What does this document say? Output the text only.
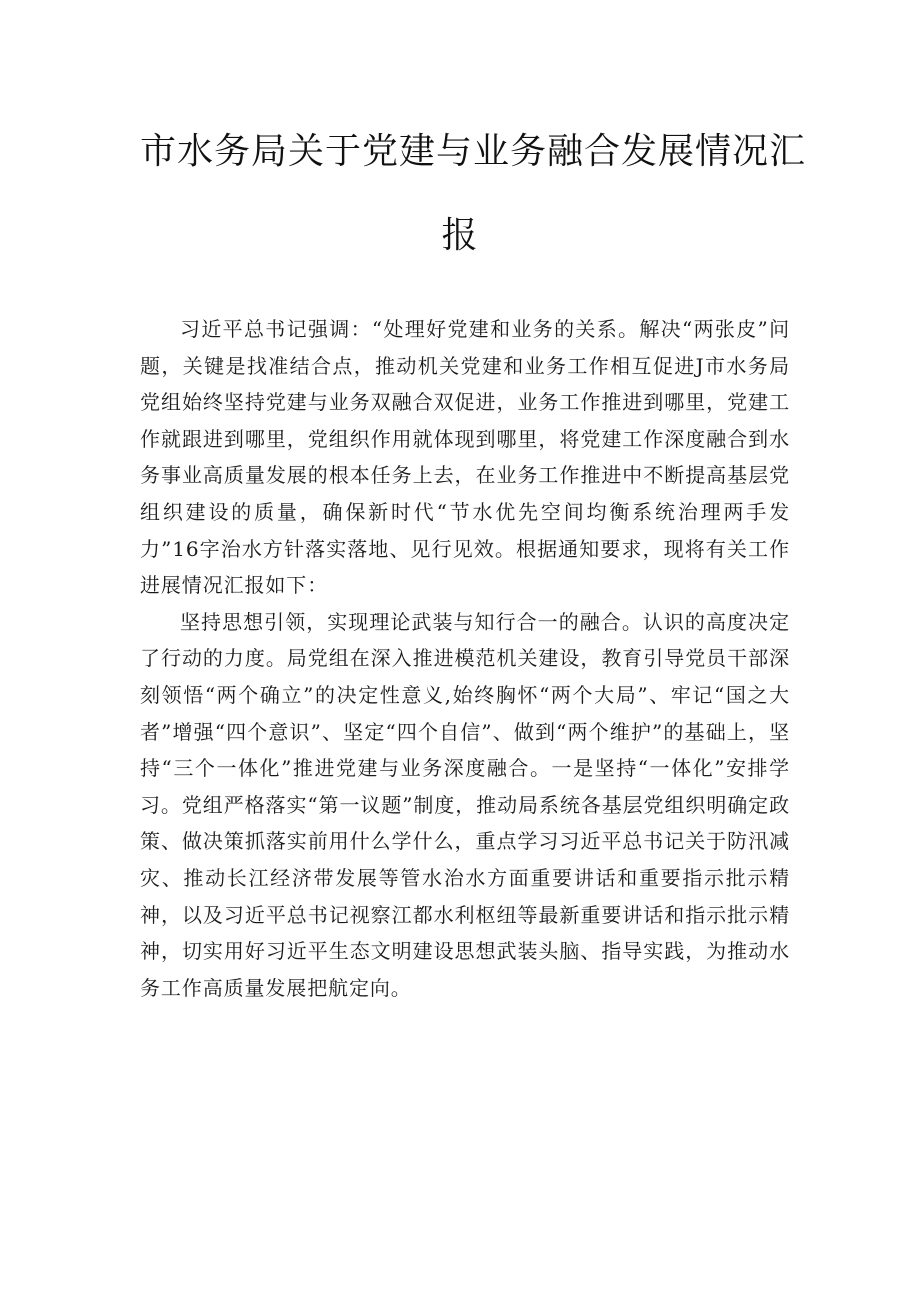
市水务局关于党建与业务融合发展情况汇
报

习近平总书记强调：“处理好党建和业务的关系。解决“两张皮”问题，关键是找准结合点，推动机关党建和业务工作相互促进J市水务局党组始终坚持党建与业务双融合双促进，业务工作推进到哪里，党建工作就跟进到哪里，党组织作用就体现到哪里，将党建工作深度融合到水务事业高质量发展的根本任务上去，在业务工作推进中不断提高基层党组织建设的质量，确保新时代“节水优先空间均衡系统治理两手发力”16字治水方针落实落地、见行见效。根据通知要求，现将有关工作进展情况汇报如下：

坚持思想引领，实现理论武装与知行合一的融合。认识的高度决定了行动的力度。局党组在深入推进模范机关建设，教育引导党员干部深刻领悟“两个确立”的决定性意义,始终胸怀“两个大局”、牢记“国之大者”增强“四个意识”、坚定“四个自信”、做到“两个维护”的基础上，坚持“三个一体化”推进党建与业务深度融合。一是坚持“一体化”安排学习。党组严格落实“第一议题”制度，推动局系统各基层党组织明确定政策、做决策抓落实前用什么学什么，重点学习习近平总书记关于防汛减灾、推动长江经济带发展等管水治水方面重要讲话和重要指示批示精神，以及习近平总书记视察江都水利枢纽等最新重要讲话和指示批示精神，切实用好习近平生态文明建设思想武装头脑、指导实践，为推动水务工作高质量发展把航定向。
